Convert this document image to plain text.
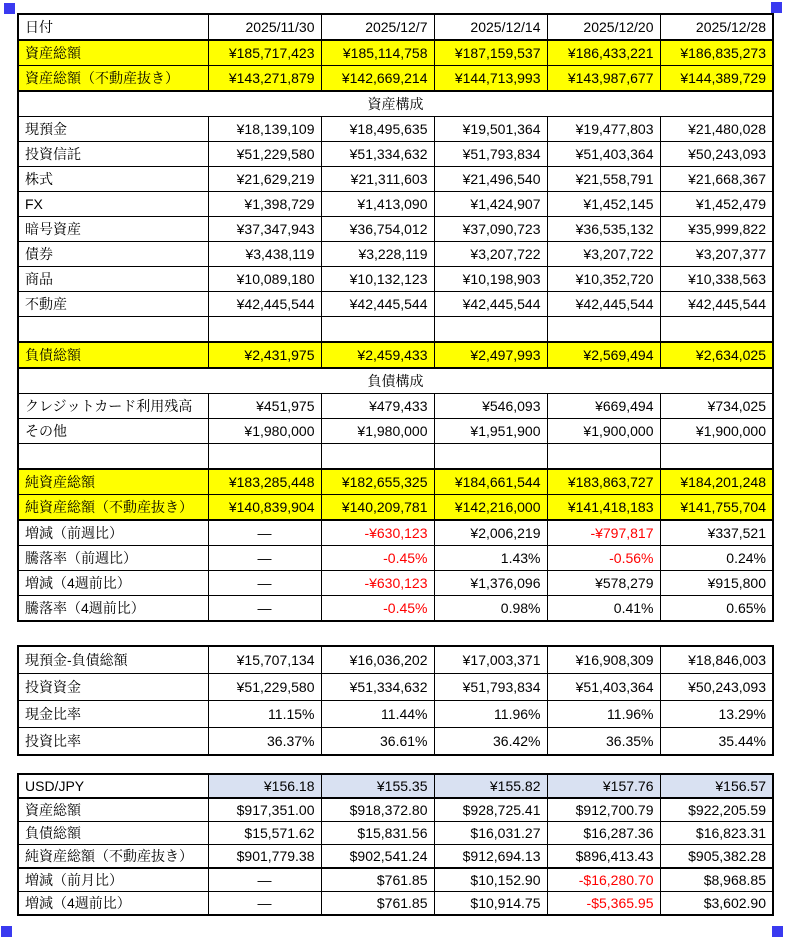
日付	2025/11/30	2025/12/7	2025/12/14	2025/12/20	2025/12/28
資産総額	¥185,717,423	¥185,114,758	¥187,159,537	¥186,433,221	¥186,835,273
資産総額（不動産抜き）	¥143,271,879	¥142,669,214	¥144,713,993	¥143,987,677	¥144,389,729
資産構成					
現預金	¥18,139,109	¥18,495,635	¥19,501,364	¥19,477,803	¥21,480,028
投資信託	¥51,229,580	¥51,334,632	¥51,793,834	¥51,403,364	¥50,243,093
株式	¥21,629,219	¥21,311,603	¥21,496,540	¥21,558,791	¥21,668,367
FX	¥1,398,729	¥1,413,090	¥1,424,907	¥1,452,145	¥1,452,479
暗号資産	¥37,347,943	¥36,754,012	¥37,090,723	¥36,535,132	¥35,999,822
債券	¥3,438,119	¥3,228,119	¥3,207,722	¥3,207,722	¥3,207,377
商品	¥10,089,180	¥10,132,123	¥10,198,903	¥10,352,720	¥10,338,563
不動産	¥42,445,544	¥42,445,544	¥42,445,544	¥42,445,544	¥42,445,544

負債総額	¥2,431,975	¥2,459,433	¥2,497,993	¥2,569,494	¥2,634,025
負債構成					
クレジットカード利用残高	¥451,975	¥479,433	¥546,093	¥669,494	¥734,025
その他	¥1,980,000	¥1,980,000	¥1,951,900	¥1,900,000	¥1,900,000

純資産総額	¥183,285,448	¥182,655,325	¥184,661,544	¥183,863,727	¥184,201,248
純資産総額（不動産抜き）	¥140,839,904	¥140,209,781	¥142,216,000	¥141,418,183	¥141,755,704
増減（前週比）	—	-¥630,123	¥2,006,219	-¥797,817	¥337,521
騰落率（前週比）	—	-0.45%	1.43%	-0.56%	0.24%
増減（4週前比）	—	-¥630,123	¥1,376,096	¥578,279	¥915,800
騰落率（4週前比）	—	-0.45%	0.98%	0.41%	0.65%
現預金-負債総額	¥15,707,134	¥16,036,202	¥17,003,371	¥16,908,309	¥18,846,003
投資資金	¥51,229,580	¥51,334,632	¥51,793,834	¥51,403,364	¥50,243,093
現金比率	11.15%	11.44%	11.96%	11.96%	13.29%
投資比率	36.37%	36.61%	36.42%	36.35%	35.44%
USD/JPY	¥156.18	¥155.35	¥155.82	¥157.76	¥156.57
資産総額	$917,351.00	$918,372.80	$928,725.41	$912,700.79	$922,205.59
負債総額	$15,571.62	$15,831.56	$16,031.27	$16,287.36	$16,823.31
純資産総額（不動産抜き）	$901,779.38	$902,541.24	$912,694.13	$896,413.43	$905,382.28
増減（前月比）	—	$761.85	$10,152.90	-$16,280.70	$8,968.85
増減（4週前比）	—	$761.85	$10,914.75	-$5,365.95	$3,602.90
